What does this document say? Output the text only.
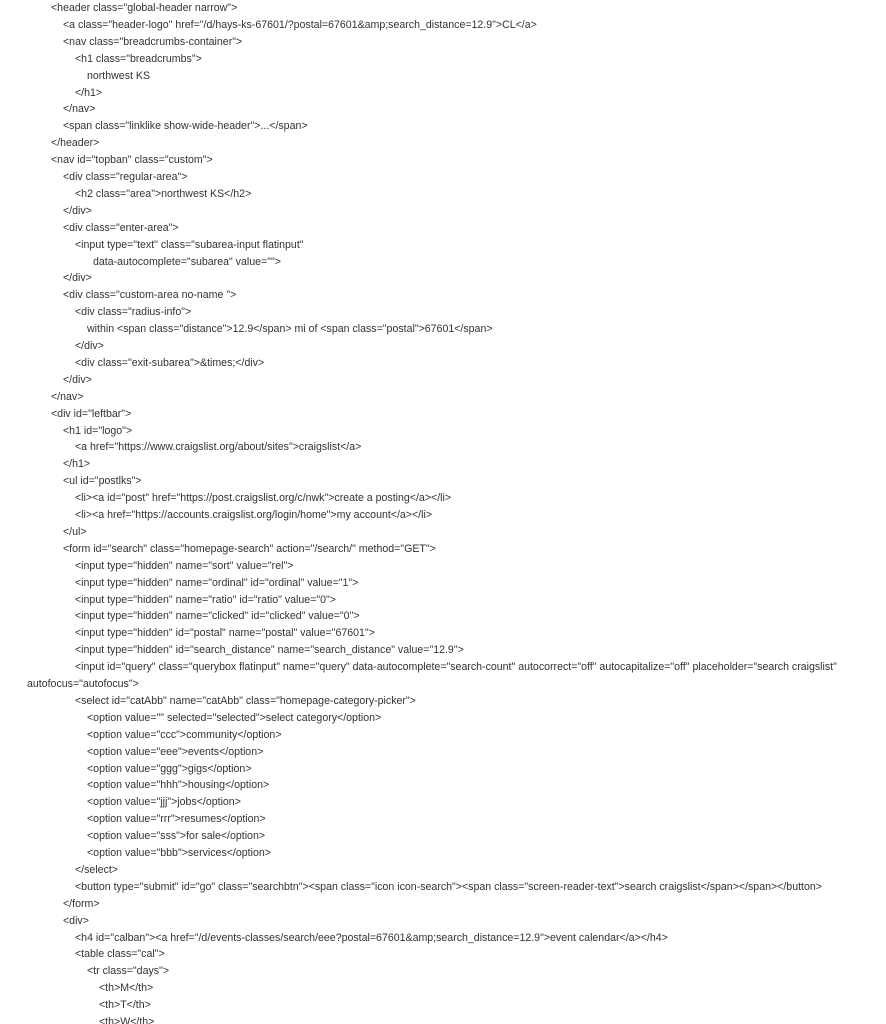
<header class="global-header narrow">
<a class="header-logo" href="/d/hays-ks-67601/?postal=67601&amp;search_distance=12.9">CL</a>
<nav class="breadcrumbs-container">
<h1 class="breadcrumbs">
northwest KS
</h1>
</nav>
<span class="linklike show-wide-header">...</span>
</header>
<nav id="topban" class="custom">
<div class="regular-area">
<h2 class="area">northwest KS</h2>
</div>
<div class="enter-area">
<input type="text" class="subarea-input flatinput"
data-autocomplete="subarea" value="">
</div>
<div class="custom-area no-name ">
<div class="radius-info">
within <span class="distance">12.9</span> mi of <span class="postal">67601</span>
</div>
<div class="exit-subarea">&times;</div>
</div>
</nav>
<div id="leftbar">
<h1 id="logo">
<a href="https://www.craigslist.org/about/sites">craigslist</a>
</h1>
<ul id="postlks">
<li><a id="post" href="https://post.craigslist.org/c/nwk">create a posting</a></li>
<li><a href="https://accounts.craigslist.org/login/home">my account</a></li>
</ul>
<form id="search" class="homepage-search" action="/search/" method="GET">
<input type="hidden" name="sort" value="rel">
<input type="hidden" name="ordinal" id="ordinal" value="1">
<input type="hidden" name="ratio" id="ratio" value="0">
<input type="hidden" name="clicked" id="clicked" value="0">
<input type="hidden" id="postal" name="postal" value="67601">
<input type="hidden" id="search_distance" name="search_distance" value="12.9">
<input id="query" class="querybox flatinput" name="query" data-autocomplete="search-count" autocorrect="off" autocapitalize="off" placeholder="search craigslist"
autofocus="autofocus">
<select id="catAbb" name="catAbb" class="homepage-category-picker">
<option value="" selected="selected">select category</option>
<option value="ccc">community</option>
<option value="eee">events</option>
<option value="ggg">gigs</option>
<option value="hhh">housing</option>
<option value="jjj">jobs</option>
<option value="rrr">resumes</option>
<option value="sss">for sale</option>
<option value="bbb">services</option>
</select>
<button type="submit" id="go" class="searchbtn"><span class="icon icon-search"><span class="screen-reader-text">search craigslist</span></span></button>
</form>
<div>
<h4 id="calban"><a href="/d/events-classes/search/eee?postal=67601&amp;search_distance=12.9">event calendar</a></h4>
<table class="cal">
<tr class="days">
<th>M</th>
<th>T</th>
<th>W</th>
